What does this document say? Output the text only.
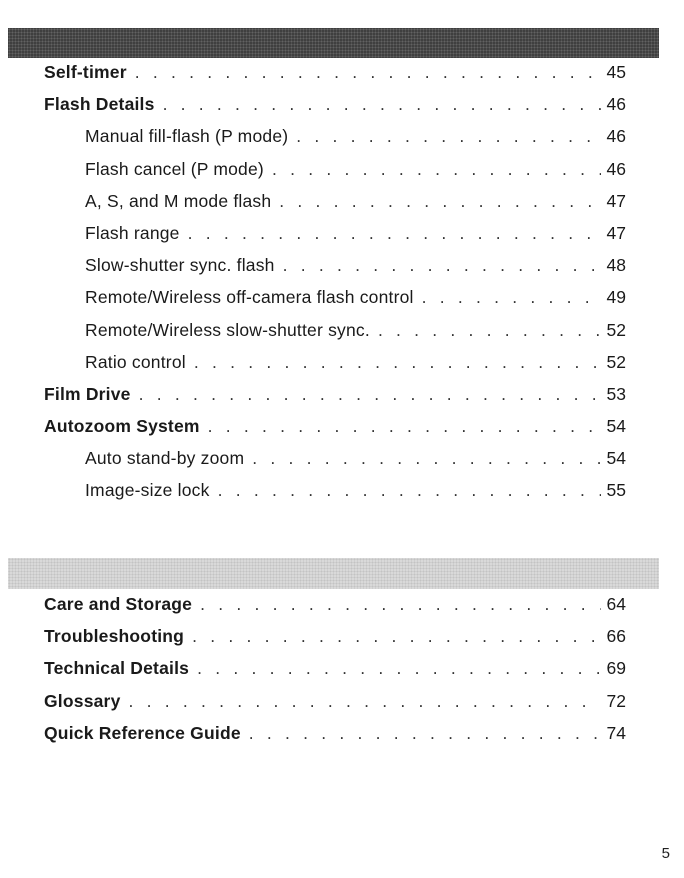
Self-timer . . .	45
Flash Details . . .	46
Manual fill-flash (P mode) . . .	46
Flash cancel (P mode) . . .	46
A, S, and M mode flash . . .	47
Flash range . . .	47
Slow-shutter sync. flash . . .	48
Remote/Wireless off-camera flash control . . .	49
Remote/Wireless slow-shutter sync. . . .	52
Ratio control . . .	52
Film Drive . . .	53
Autozoom System . . .	54
Auto stand-by zoom . . .	54
Image-size lock . . .	55
Care and Storage . . .	64
Troubleshooting . . .	66
Technical Details . . .	69
Glossary . . .	72
Quick Reference Guide . . .	74
5
